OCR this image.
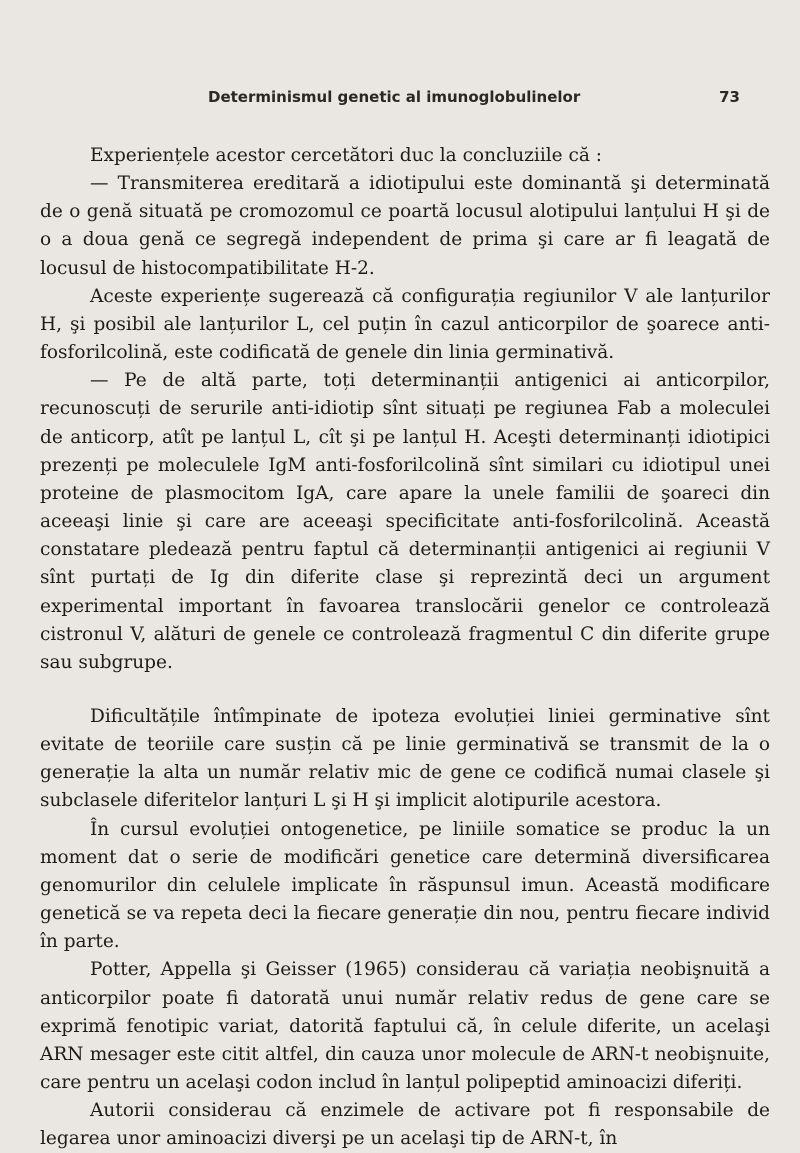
Determinismul genetic al imunoglobulinelor	73

Experiențele acestor cercetători duc la concluziile că :

— Transmiterea ereditară a idiotipului este dominantă şi determinată de o genă situată pe cromozomul ce poartă locusul alotipului lanțului H şi de o a doua genă ce segregă independent de prima şi care ar fi leagată de locusul de histocompatibilitate H-2.

Aceste experiențe sugerează că configurația regiunilor V ale lanțurilor H, şi posibil ale lanțurilor L, cel puțin în cazul anticorpilor de şoarece anti-fosforilcolină, este codificată de genele din linia germinativă.

— Pe de altă parte, toți determinanții antigenici ai anticorpilor, recunoscuți de serurile anti-idiotip sînt situați pe regiunea Fab a moleculei de anticorp, atît pe lanțul L, cît şi pe lanțul H. Aceşti determinanți idiotipici prezenți pe moleculele IgM anti-fosforilcolină sînt similari cu idiotipul unei proteine de plasmocitom IgA, care apare la unele familii de şoareci din aceeaşi linie şi care are aceeaşi specificitate anti-fosforilcolină. Această constatare pledează pentru faptul că determinanții antigenici ai regiunii V sînt purtați de Ig din diferite clase şi reprezintă deci un argument experimental important în favoarea translocării genelor ce controlează cistronul V, alături de genele ce controlează fragmentul C din diferite grupe sau subgrupe.

Dificultățile întîmpinate de ipoteza evoluției liniei germinative sînt evitate de teoriile care susțin că pe linie germinativă se transmit de la o generație la alta un număr relativ mic de gene ce codifică numai clasele şi subclasele diferitelor lanțuri L şi H şi implicit alotipurile acestora.

În cursul evoluției ontogenetice, pe liniile somatice se produc la un moment dat o serie de modificări genetice care determină diversificarea genomurilor din celulele implicate în răspunsul imun. Această modificare genetică se va repeta deci la fiecare generație din nou, pentru fiecare individ în parte.

Potter, Appella şi Geisser (1965) considerau că variația neobişnuită a anticorpilor poate fi datorată unui număr relativ redus de gene care se exprimă fenotipic variat, datorită faptului că, în celule diferite, un acelaşi ARN mesager este citit altfel, din cauza unor molecule de ARN-t neobişnuite, care pentru un acelaşi codon includ în lanțul polipeptid aminoacizi diferiți.

Autorii considerau că enzimele de activare pot fi responsabile de legarea unor aminoacizi diverşi pe un acelaşi tip de ARN-t, în
